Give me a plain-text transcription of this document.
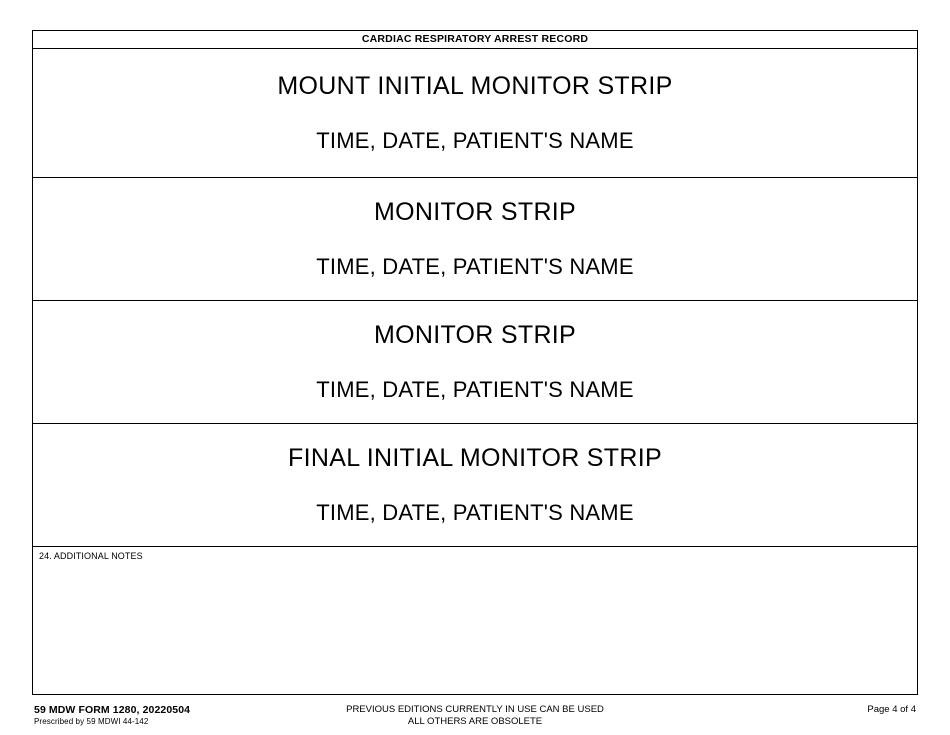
CARDIAC RESPIRATORY ARREST RECORD
MOUNT INITIAL MONITOR STRIP
TIME, DATE, PATIENT'S NAME
MONITOR STRIP
TIME, DATE, PATIENT'S NAME
MONITOR STRIP
TIME, DATE, PATIENT'S NAME
FINAL INITIAL MONITOR STRIP
TIME, DATE, PATIENT'S NAME
24. ADDITIONAL NOTES
59 MDW FORM 1280, 20220504
Prescribed by 59 MDWI 44-142
PREVIOUS EDITIONS CURRENTLY IN USE CAN BE USED
ALL OTHERS ARE OBSOLETE
Page 4 of 4
